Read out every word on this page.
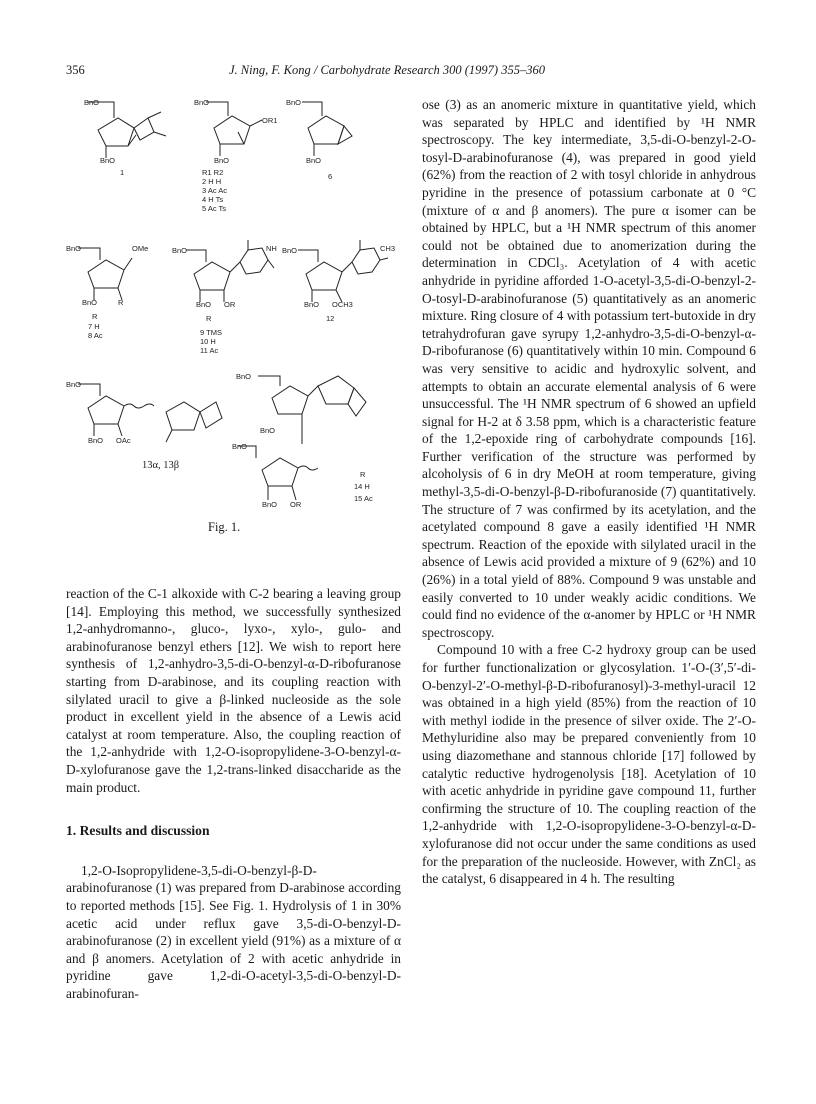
356	J. Ning, F. Kong / Carbohydrate Research 300 (1997) 355–360
BnO
BnO
1
BnO
OR1
BnO
R1 R2
2 H H
3 Ac Ac
4 H Ts
5 Ac Ts
BnO
BnO
6
BnO	OMe
BnO	R
R
7 H
8 Ac
BnO	NH
BnO OR
R
9 TMS
10 H
11 Ac
BnO	CH3
BnO OCH3
12
BnO
BnO OAc
13α, 13β
BnO
BnO
BnO
R
14 H
15 Ac
BnO OR
Fig. 1.

reaction of the C-1 alkoxide with C-2 bearing a leaving group [14]. Employing this method, we successfully synthesized 1,2-anhydromanno-, gluco-, lyxo-, xylo-, gulo- and arabinofuranose benzyl ethers [12]. We wish to report here synthesis of 1,2-anhydro-3,5-di-O-benzyl-α-D-ribofuranose starting from D-arabinose, and its coupling reaction with silylated uracil to give a β-linked nucleoside as the sole product in excellent yield in the absence of a Lewis acid catalyst at room temperature. Also, the coupling reaction of the 1,2-anhydride with 1,2-O-isopropylidene-3-O-benzyl-α-D-xylofuranose gave the 1,2-trans-linked disaccharide as the main product.

1. Results and discussion

1,2-O-Isopropylidene-3,5-di-O-benzyl-β-D-arabinofuranose (1) was prepared from D-arabinose according to reported methods [15]. See Fig. 1. Hydrolysis of 1 in 30% acetic acid under reflux gave 3,5-di-O-benzyl-D-arabinofuranose (2) in excellent yield (91%) as a mixture of α and β anomers. Acetylation of 2 with acetic anhydride in pyridine gave 1,2-di-O-acetyl-3,5-di-O-benzyl-D-arabinofuran-

ose (3) as an anomeric mixture in quantitative yield, which was separated by HPLC and identified by ¹H NMR spectroscopy. The key intermediate, 3,5-di-O-benzyl-2-O-tosyl-D-arabinofuranose (4), was prepared in good yield (62%) from the reaction of 2 with tosyl chloride in anhydrous pyridine in the presence of potassium carbonate at 0 °C (mixture of α and β anomers). The pure α isomer can be obtained by HPLC, but a ¹H NMR spectrum of this anomer could not be obtained due to anomerization during the determination in CDCl₃. Acetylation of 4 with acetic anhydride in pyridine afforded 1-O-acetyl-3,5-di-O-benzyl-2-O-tosyl-D-arabinofuranose (5) quantitatively as an anomeric mixture. Ring closure of 4 with potassium tert-butoxide in dry tetrahydrofuran gave syrupy 1,2-anhydro-3,5-di-O-benzyl-α-D-ribofuranose (6) quantitatively within 10 min. Compound 6 was very sensitive to acidic and hydroxylic solvent, and attempts to obtain an accurate elemental analysis of 6 were unsuccessful. The ¹H NMR spectrum of 6 showed an upfield signal for H-2 at δ 3.58 ppm, which is a characteristic feature of the 1,2-epoxide ring of carbohydrate compounds [16]. Further verification of the structure was performed by alcoholysis of 6 in dry MeOH at room temperature, giving methyl-3,5-di-O-benzyl-β-D-ribofuranoside (7) quantitatively. The structure of 7 was confirmed by its acetylation, and the acetylated compound 8 gave a easily identified ¹H NMR spectrum. Reaction of the epoxide with silylated uracil in the absence of Lewis acid provided a mixture of 9 (62%) and 10 (26%) in a total yield of 88%. Compound 9 was unstable and easily converted to 10 under weakly acidic conditions. We could find no evidence of the α-anomer by HPLC or ¹H NMR spectroscopy.

Compound 10 with a free C-2 hydroxy group can be used for further functionalization or glycosylation. 1′-O-(3′,5′-di-O-benzyl-2′-O-methyl-β-D-ribofuranosyl)-3-methyl-uracil 12 was obtained in a high yield (85%) from the reaction of 10 with methyl iodide in the presence of silver oxide. The 2′-O-Methyluridine also may be prepared conveniently from 10 using diazomethane and stannous chloride [17] followed by catalytic reductive hydrogenolysis [18]. Acetylation of 10 with acetic anhydride in pyridine gave compound 11, further confirming the structure of 10. The coupling reaction of the 1,2-anhydride with 1,2-O-isopropylidene-3-O-benzyl-α-D-xylofuranose did not occur under the same conditions as used for the preparation of the nucleoside. However, with ZnCl₂ as the catalyst, 6 disappeared in 4 h. The resulting
